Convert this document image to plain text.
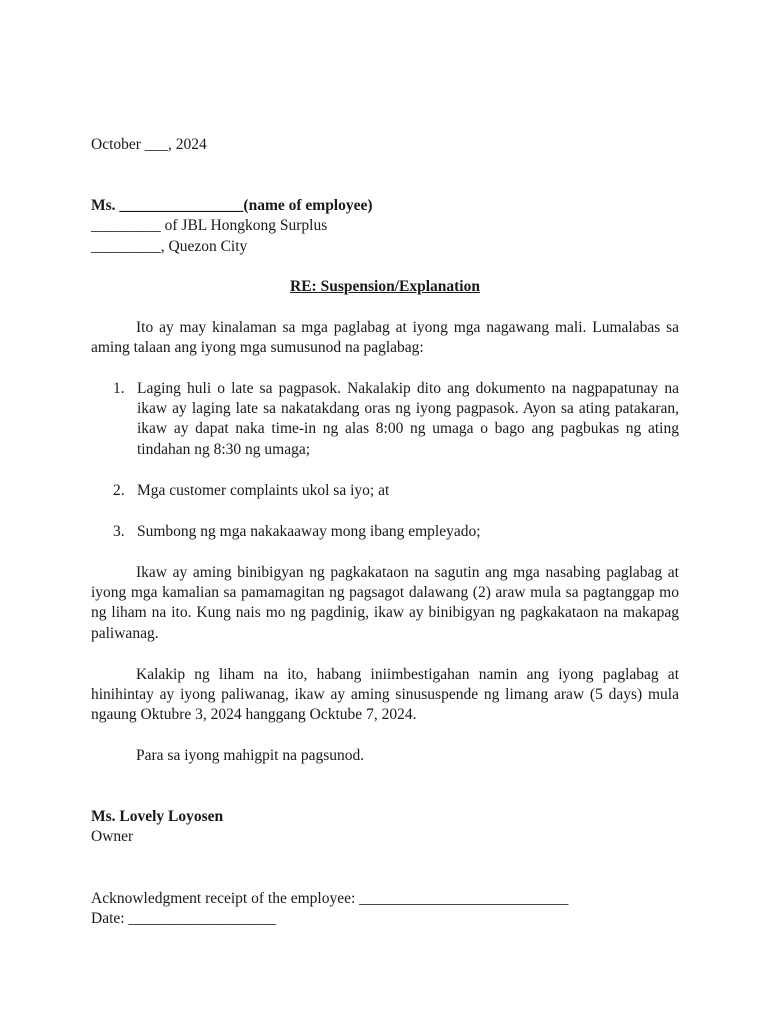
October ___, 2024
Ms. ________________(name of employee)
_________ of JBL Hongkong Surplus
_________, Quezon City
RE: Suspension/Explanation

Ito ay may kinalaman sa mga paglabag at iyong mga nagawang mali. Lumalabas sa aming talaan ang iyong mga sumusunod na paglabag:

1. Laging huli o late sa pagpasok. Nakalakip dito ang dokumento na nagpapatunay na ikaw ay laging late sa nakatakdang oras ng iyong pagpasok. Ayon sa ating patakaran, ikaw ay dapat naka time-in ng alas 8:00 ng umaga o bago ang pagbukas ng ating tindahan ng 8:30 ng umaga;

2. Mga customer complaints ukol sa iyo; at

3. Sumbong ng mga nakakaaway mong ibang empleyado;

Ikaw ay aming binibigyan ng pagkakataon na sagutin ang mga nasabing paglabag at iyong mga kamalian sa pamamagitan ng pagsagot dalawang (2) araw mula sa pagtanggap mo ng liham na ito. Kung nais mo ng pagdinig, ikaw ay binibigyan ng pagkakataon na makapag paliwanag.

Kalakip ng liham na ito, habang iniimbestigahan namin ang iyong paglabag at hinihintay ay iyong paliwanag, ikaw ay aming sinususpende ng limang araw (5 days) mula ngaung Oktubre 3, 2024 hanggang Ocktube 7, 2024.

Para sa iyong mahigpit na pagsunod.

Ms. Lovely Loyosen
Owner
Acknowledgment receipt of the employee: ___________________________
Date: ___________________
